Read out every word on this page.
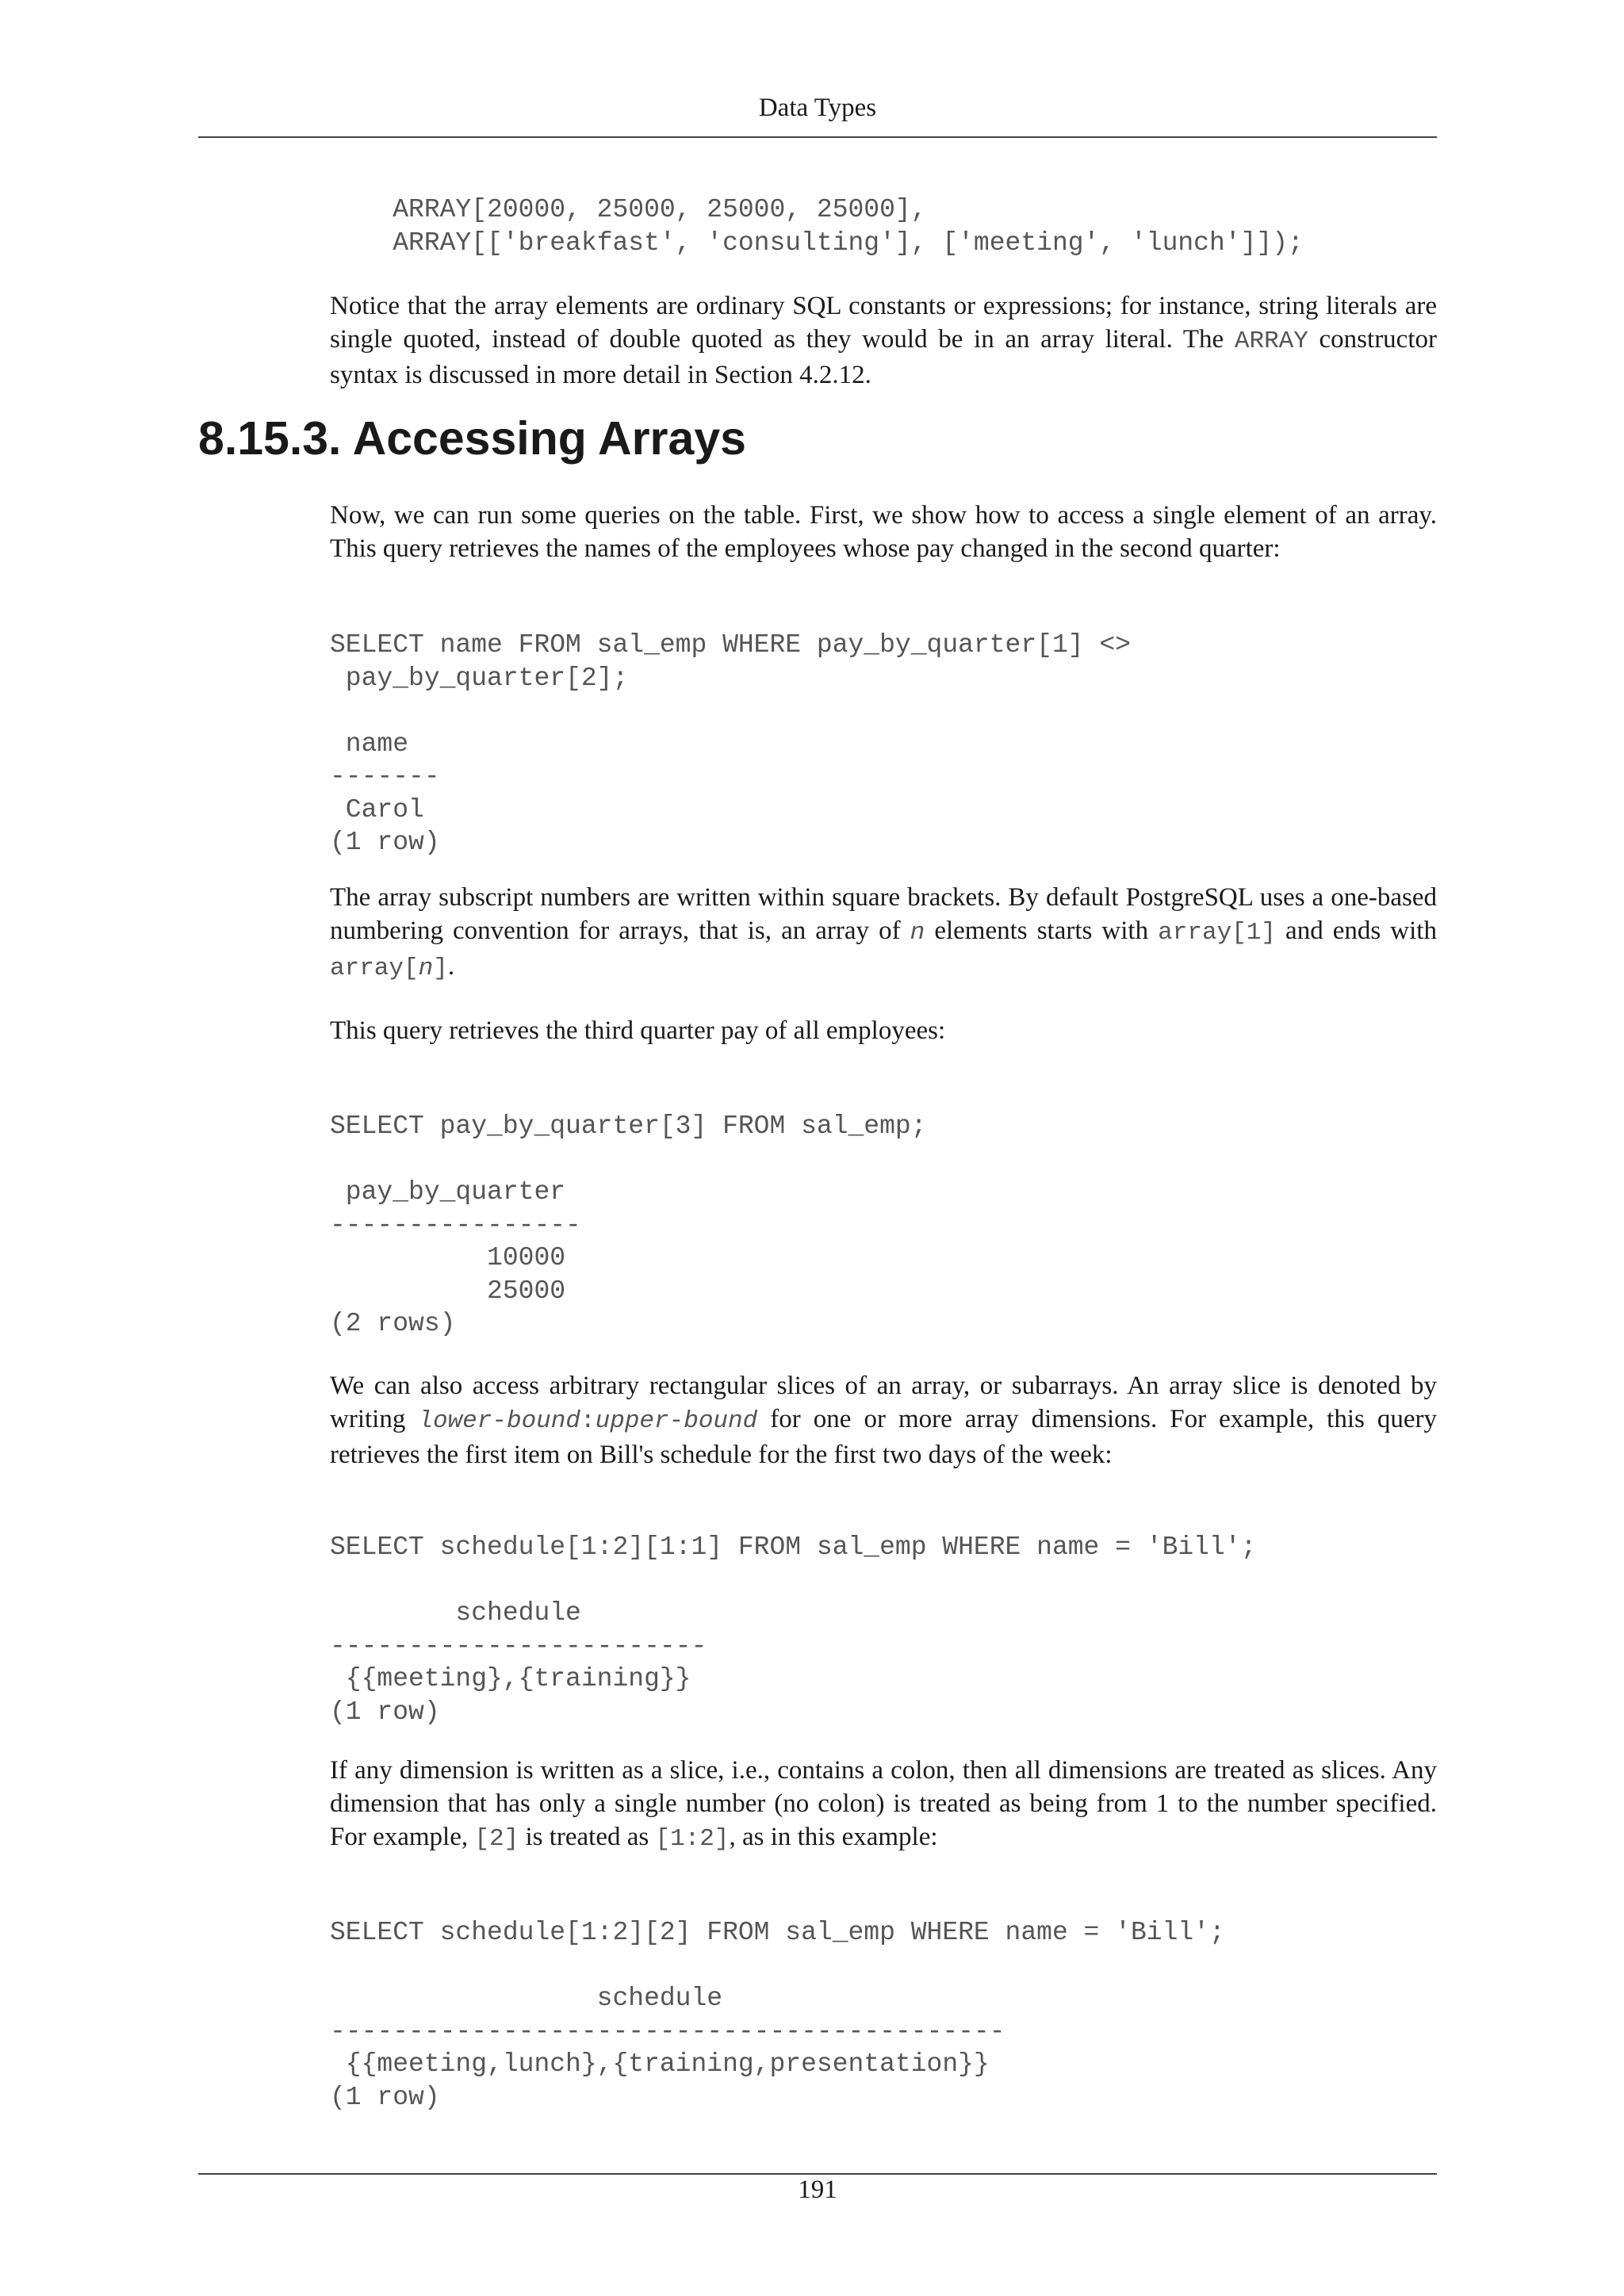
Data Types
ARRAY[20000, 25000, 25000, 25000],
ARRAY[['breakfast', 'consulting'], ['meeting', 'lunch']]);

Notice that the array elements are ordinary SQL constants or expressions; for instance, string literals are single quoted, instead of double quoted as they would be in an array literal. The ARRAY constructor syntax is discussed in more detail in Section 4.2.12.

8.15.3. Accessing Arrays

Now, we can run some queries on the table. First, we show how to access a single element of an array. This query retrieves the names of the employees whose pay changed in the second quarter:

SELECT name FROM sal_emp WHERE pay_by_quarter[1] <>
pay_by_quarter[2];

name
-------
Carol
(1 row)

The array subscript numbers are written within square brackets. By default PostgreSQL uses a one-based numbering convention for arrays, that is, an array of n elements starts with array[1] and ends with array[n].

This query retrieves the third quarter pay of all employees:

SELECT pay_by_quarter[3] FROM sal_emp;

pay_by_quarter
----------------
10000
25000
(2 rows)

We can also access arbitrary rectangular slices of an array, or subarrays. An array slice is denoted by writing lower-bound:upper-bound for one or more array dimensions. For example, this query retrieves the first item on Bill's schedule for the first two days of the week:

SELECT schedule[1:2][1:1] FROM sal_emp WHERE name = 'Bill';

schedule
------------------------
{{meeting},{training}}
(1 row)

If any dimension is written as a slice, i.e., contains a colon, then all dimensions are treated as slices. Any dimension that has only a single number (no colon) is treated as being from 1 to the number specified. For example, [2] is treated as [1:2], as in this example:

SELECT schedule[1:2][2] FROM sal_emp WHERE name = 'Bill';

schedule
-------------------------------------------
{{meeting,lunch},{training,presentation}}
(1 row)
191
